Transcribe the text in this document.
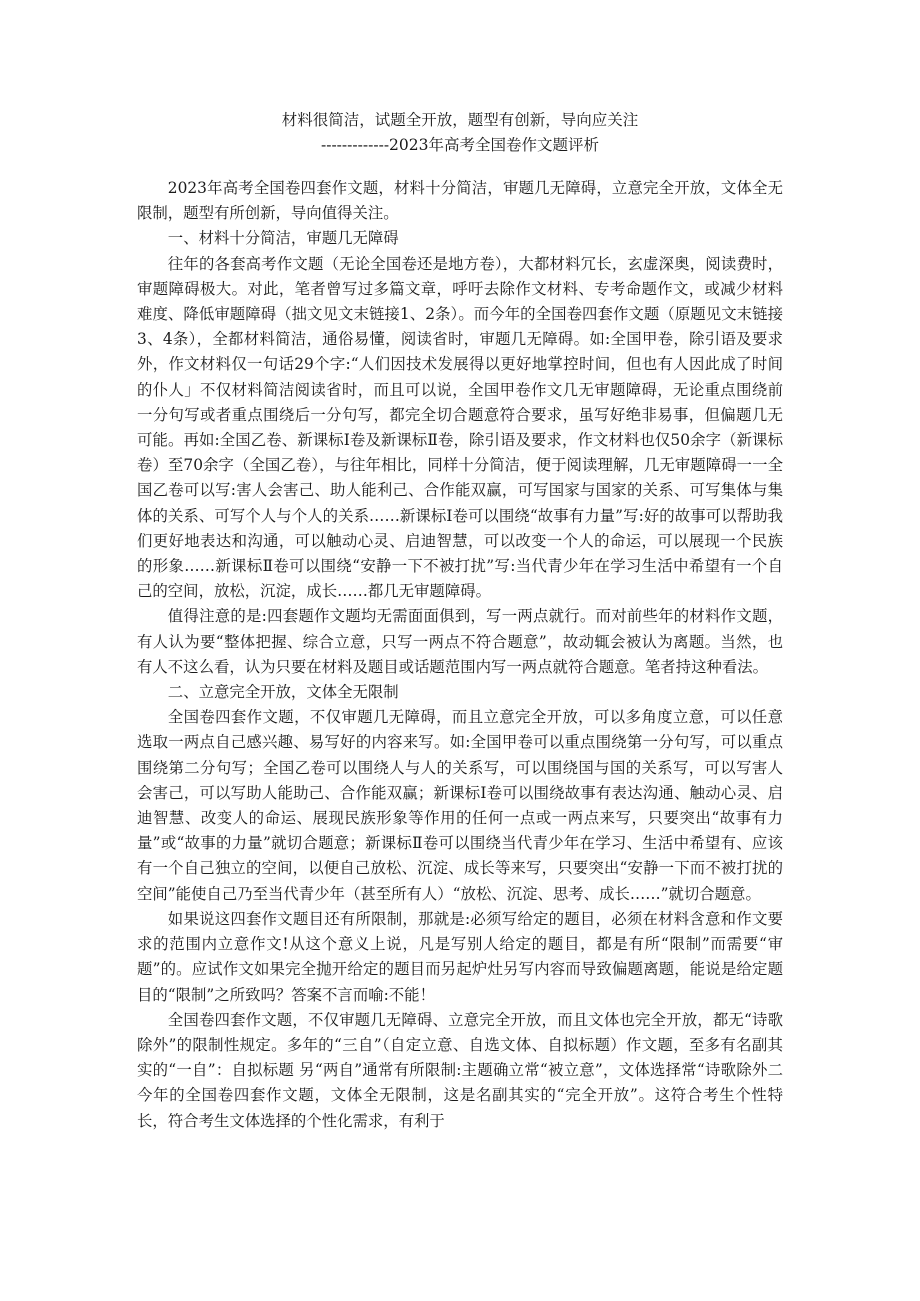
材料很简洁，试题全开放，题型有创新，导向应关注

-------------2023年高考全国卷作文题评析

2023年高考全国卷四套作文题，材料十分简洁，审题几无障碍，立意完全开放，文体全无限制，题型有所创新，导向值得关注。

一、材料十分简洁，审题几无障碍

往年的各套高考作文题（无论全国卷还是地方卷），大都材料冗长，玄虚深奥，阅读费时，审题障碍极大。对此，笔者曾写过多篇文章，呼吁去除作文材料、专考命题作文，或减少材料难度、降低审题障碍（拙文见文末链接1、2条）。而今年的全国卷四套作文题（原题见文末链接3、4条），全都材料简洁，通俗易懂，阅读省时，审题几无障碍。如:全国甲卷，除引语及要求外，作文材料仅一句话29个字:“人们因技术发展得以更好地掌控时间，但也有人因此成了时间的仆人」不仅材料简洁阅读省时，而且可以说，全国甲卷作文几无审题障碍，无论重点围绕前一分句写或者重点围绕后一分句写，都完全切合题意符合要求，虽写好绝非易事，但偏题几无可能。再如:全国乙卷、新课标Ⅰ卷及新课标Ⅱ卷，除引语及要求，作文材料也仅50余字（新课标卷）至70余字（全国乙卷），与往年相比，同样十分简洁，便于阅读理解，几无审题障碍一一全国乙卷可以写:害人会害己、助人能利己、合作能双赢，可写国家与国家的关系、可写集体与集体的关系、可写个人与个人的关系……新课标Ⅰ卷可以围绕“故事有力量”写:好的故事可以帮助我们更好地表达和沟通，可以触动心灵、启迪智慧，可以改变一个人的命运，可以展现一个民族的形象……新课标Ⅱ卷可以围绕“安静一下不被打扰”写:当代青少年在学习生活中希望有一个自己的空间，放松，沉淀，成长……都几无审题障碍。

值得注意的是:四套题作文题均无需面面俱到，写一两点就行。而对前些年的材料作文题，有人认为要“整体把握、综合立意，只写一两点不符合题意”，故动辄会被认为离题。当然，也有人不这么看，认为只要在材料及题目或话题范围内写一两点就符合题意。笔者持这种看法。

二、立意完全开放，文体全无限制

全国卷四套作文题，不仅审题几无障碍，而且立意完全开放，可以多角度立意，可以任意选取一两点自己感兴趣、易写好的内容来写。如:全国甲卷可以重点围绕第一分句写，可以重点围绕第二分句写；全国乙卷可以围绕人与人的关系写，可以围绕国与国的关系写，可以写害人会害己，可以写助人能助己、合作能双赢；新课标Ⅰ卷可以围绕故事有表达沟通、触动心灵、启迪智慧、改变人的命运、展现民族形象等作用的任何一点或一两点来写，只要突出“故事有力量”或“故事的力量”就切合题意；新课标Ⅱ卷可以围绕当代青少年在学习、生活中希望有、应该有一个自己独立的空间，以便自己放松、沉淀、成长等来写，只要突出“安静一下而不被打扰的空间”能使自己乃至当代青少年（甚至所有人）“放松、沉淀、思考、成长……”就切合题意。

如果说这四套作文题目还有所限制，那就是:必须写给定的题目，必须在材料含意和作文要求的范围内立意作文!从这个意义上说，凡是写别人给定的题目，都是有所“限制”而需要“审题”的。应试作文如果完全抛开给定的题目而另起炉灶另写内容而导致偏题离题，能说是给定题目的“限制”之所致吗？答案不言而喻:不能！

全国卷四套作文题，不仅审题几无障碍、立意完全开放，而且文体也完全开放，都无“诗歌除外”的限制性规定。多年的“三自”（自定立意、自选文体、自拟标题）作文题，至多有名副其实的“一自”：自拟标题 另“两自”通常有所限制:主题确立常“被立意”，文体选择常“诗歌除外二今年的全国卷四套作文题，文体全无限制，这是名副其实的“完全开放”。这符合考生个性特长，符合考生文体选择的个性化需求，有利于
